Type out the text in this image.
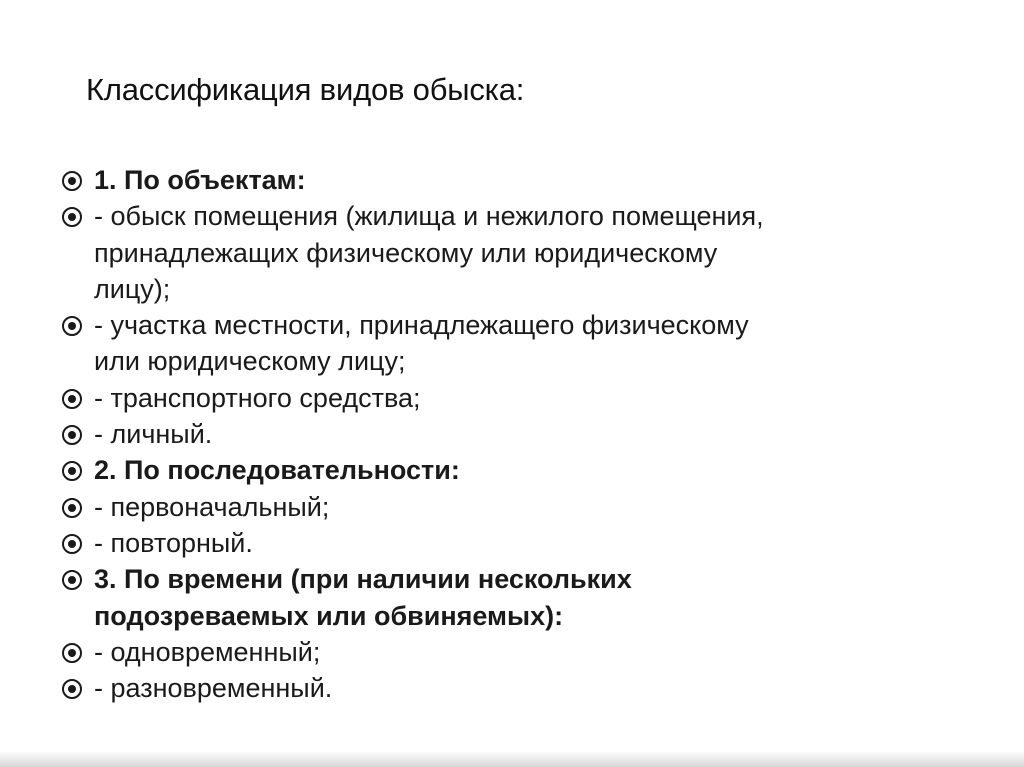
Классификация видов обыска:
1. По объектам:
- обыск помещения (жилища и нежилого помещения,
принадлежащих физическому или юридическому
лицу);
- участка местности, принадлежащего физическому
или юридическому лицу;
- транспортного средства;
- личный.
2. По последовательности:
- первоначальный;
- повторный.
3. По времени (при наличии нескольких
подозреваемых или обвиняемых):
- одновременный;
- разновременный.
